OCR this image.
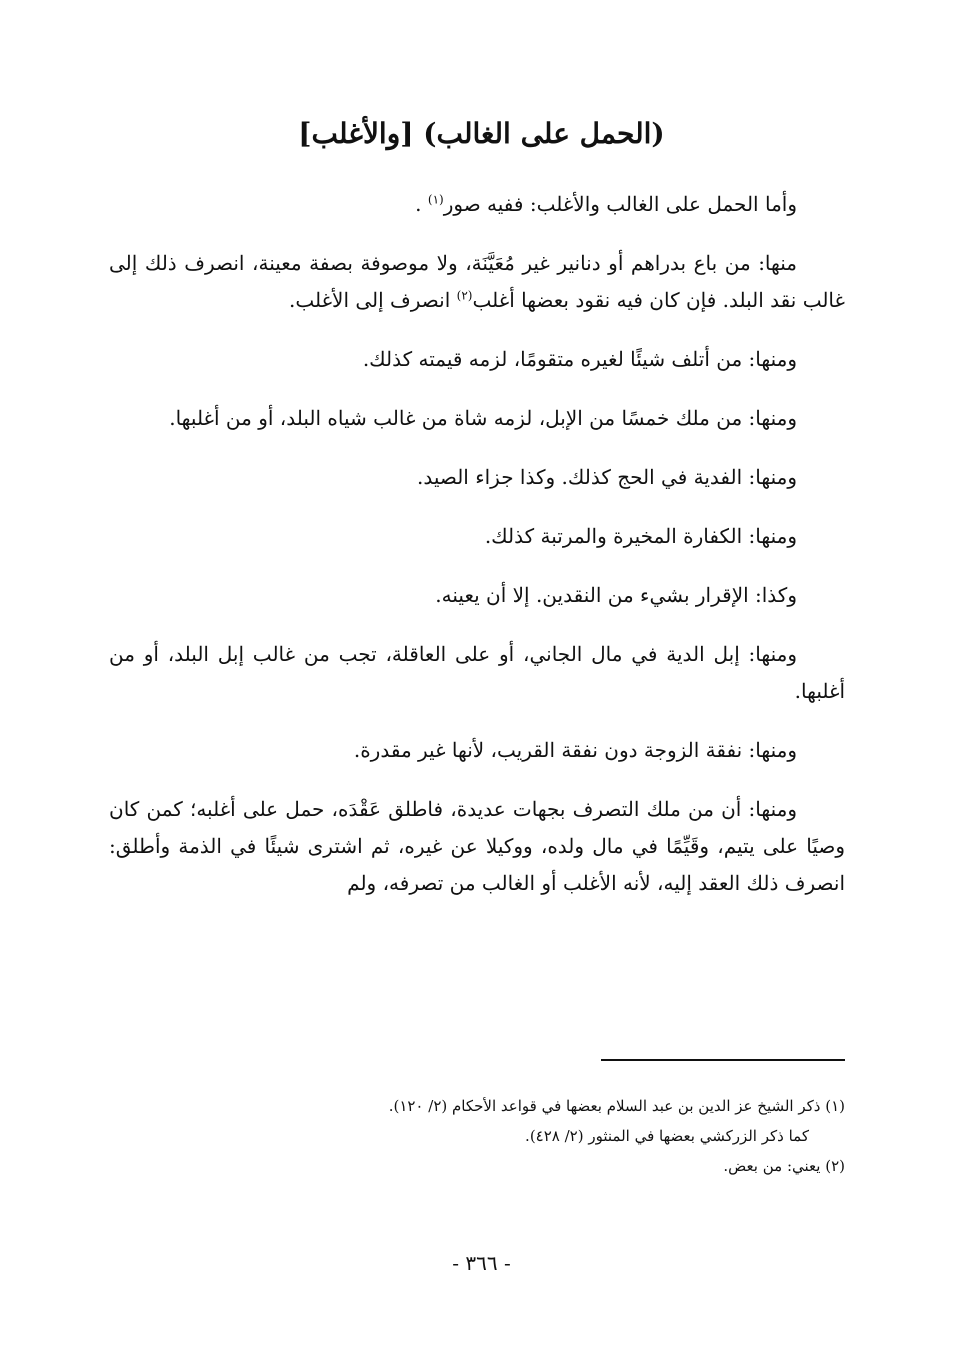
(الحمل على الغالب) [والأغلب]

وأما الحمل على الغالب والأغلب: ففيه صور$^{(١)}$ .

منها: من باع بدراهم أو دنانير غير مُعَيَّنَة، ولا موصوفة بصفة معينة، انصرف ذلك إلى غالب نقد البلد. فإن كان فيه نقود بعضها أغلب$^{(٢)}$ انصرف إلى الأغلب.

ومنها: من أتلف شيئًا لغيره متقومًا، لزمه قيمته كذلك.

ومنها: من ملك خمسًا من الإبل، لزمه شاة من غالب شياه البلد، أو من أغلبها.

ومنها: الفدية في الحج كذلك. وكذا جزاء الصيد.

ومنها: الكفارة المخيرة والمرتبة كذلك.

وكذا: الإقرار بشيء من النقدين. إلا أن يعينه.

ومنها: إبل الدية في مال الجاني، أو على العاقلة، تجب من غالب إبل البلد، أو من أغلبها.

ومنها: نفقة الزوجة دون نفقة القريب، لأنها غير مقدرة.

ومنها: أن من ملك التصرف بجهات عديدة، فاطلق عَقْدَه، حمل على أغلبه؛ كمن كان وصيًا على يتيم، وقَيِّمًا في مال ولده، ووكيلا عن غيره، ثم اشترى شيئًا في الذمة وأطلق: انصرف ذلك العقد إليه، لأنه الأغلب أو الغالب من تصرفه، ولم

(١) ذكر الشيخ عز الدين بن عبد السلام بعضها في قواعد الأحكام (٢/ ١٢٠).

كما ذكر الزركشي بعضها في المنثور (٢/ ٤٢٨).

(٢) يعني: من بعض.

- ٣٦٦ -
